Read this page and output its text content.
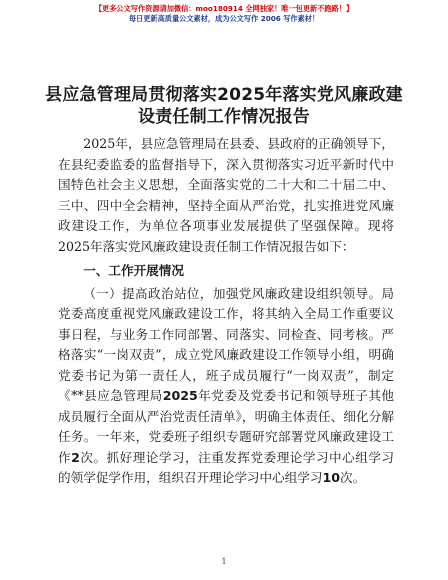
【更多公文写作资源请加微信：moo180914 全网独家！唯一包更新不跑路！】
每日更新高质量公文素材，成为公文写作 2006 写作素材！
县应急管理局贯彻落实2025年落实党风廉政建设责任制工作情况报告

2025年，县应急管理局在县委、县政府的正确领导下，在县纪委监委的监督指导下，深入贯彻落实习近平新时代中国特色社会主义思想，全面落实党的二十大和二十届二中、三中、四中全会精神，坚持全面从严治党，扎实推进党风廉政建设工作，为单位各项事业发展提供了坚强保障。现将2025年落实党风廉政建设责任制工作情况报告如下：

一、工作开展情况

（一）提高政治站位，加强党风廉政建设组织领导。局党委高度重视党风廉政建设工作，将其纳入全局工作重要议事日程，与业务工作同部署、同落实、同检查、同考核。严格落实“一岗双责”，成立党风廉政建设工作领导小组，明确党委书记为第一责任人，班子成员履行“一岗双责”，制定《**县应急管理局2025年党委及党委书记和领导班子其他成员履行全面从严治党责任清单》，明确主体责任、细化分解任务。一年来，党委班子组织专题研究部署党风廉政建设工作2次。抓好理论学习，注重发挥党委理论学习中心组学习的领学促学作用，组织召开理论学习中心组学习10次。

1
